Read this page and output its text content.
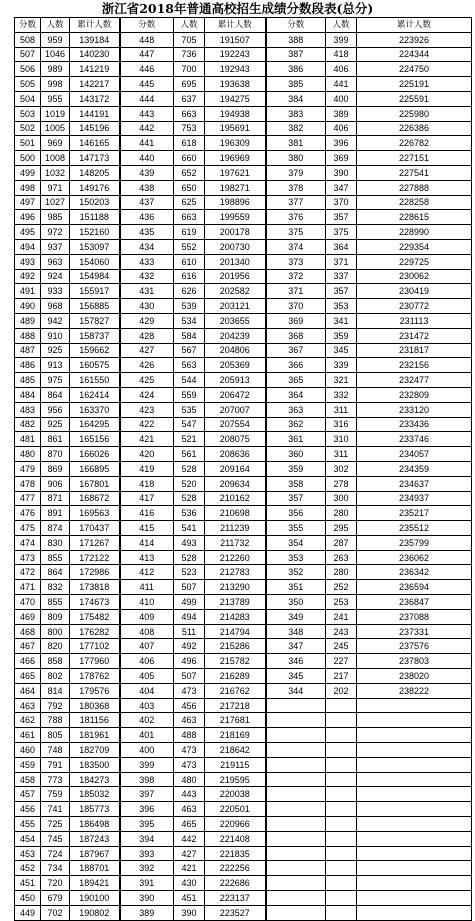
浙江省2018年普通高校招生成绩分数段表(总分)
分数	人数	累计人数	分数	人数	累计人数	分数	人数	累计人数
508	959	139184	448	705	191507	388	399	223926
507	1046	140230	447	736	192243	387	418	224344
506	989	141219	446	700	192943	386	406	224750
505	998	142217	445	695	193638	385	441	225191
504	955	143172	444	637	194275	384	400	225591
503	1019	144191	443	663	194938	383	389	225980
502	1005	145196	442	753	195691	382	406	226386
501	969	146165	441	618	196309	381	396	226782
500	1008	147173	440	660	196969	380	369	227151
499	1032	148205	439	652	197621	379	390	227541
498	971	149176	438	650	198271	378	347	227888
497	1027	150203	437	625	198896	377	370	228258
496	985	151188	436	663	199559	376	357	228615
495	972	152160	435	619	200178	375	375	228990
494	937	153097	434	552	200730	374	364	229354
493	963	154060	433	610	201340	373	371	229725
492	924	154984	432	616	201956	372	337	230062
491	933	155917	431	626	202582	371	357	230419
490	968	156885	430	539	203121	370	353	230772
489	942	157827	429	534	203655	369	341	231113
488	910	158737	428	584	204239	368	359	231472
487	925	159662	427	567	204806	367	345	231817
486	913	160575	426	563	205369	366	339	232156
485	975	161550	425	544	205913	365	321	232477
484	864	162414	424	559	206472	364	332	232809
483	956	163370	423	535	207007	363	311	233120
482	925	164295	422	547	207554	362	316	233436
481	861	165156	421	521	208075	361	310	233746
480	870	166026	420	561	208636	360	311	234057
479	869	166895	419	528	209164	359	302	234359
478	906	167801	418	520	209634	358	278	234637
477	871	168672	417	528	210162	357	300	234937
476	891	169563	416	536	210698	356	280	235217
475	874	170437	415	541	211239	355	295	235512
474	830	171267	414	493	211732	354	287	235799
473	855	172122	413	528	212260	353	263	236062
472	864	172986	412	523	212783	352	280	236342
471	832	173818	411	507	213290	351	252	236594
470	855	174673	410	499	213789	350	253	236847
469	809	175482	409	494	214283	349	241	237088
468	800	176282	408	511	214794	348	243	237331
467	820	177102	407	492	215286	347	245	237576
466	858	177960	406	496	215782	346	227	237803
465	802	178762	405	507	216289	345	217	238020
464	814	179576	404	473	216762	344	202	238222
463	792	180368	403	456	217218			
462	788	181156	402	463	217681			
461	805	181961	401	488	218169			
460	748	182709	400	473	218642			
459	791	183500	399	473	219115			
458	773	184273	398	480	219595			
457	759	185032	397	443	220038			
456	741	185773	396	463	220501			
455	725	186498	395	465	220966			
454	745	187243	394	442	221408			
453	724	187967	393	427	221835			
452	734	188701	392	421	222256			
451	720	189421	391	430	222686			
450	679	190100	390	451	223137			
449	702	190802	389	390	223527			
